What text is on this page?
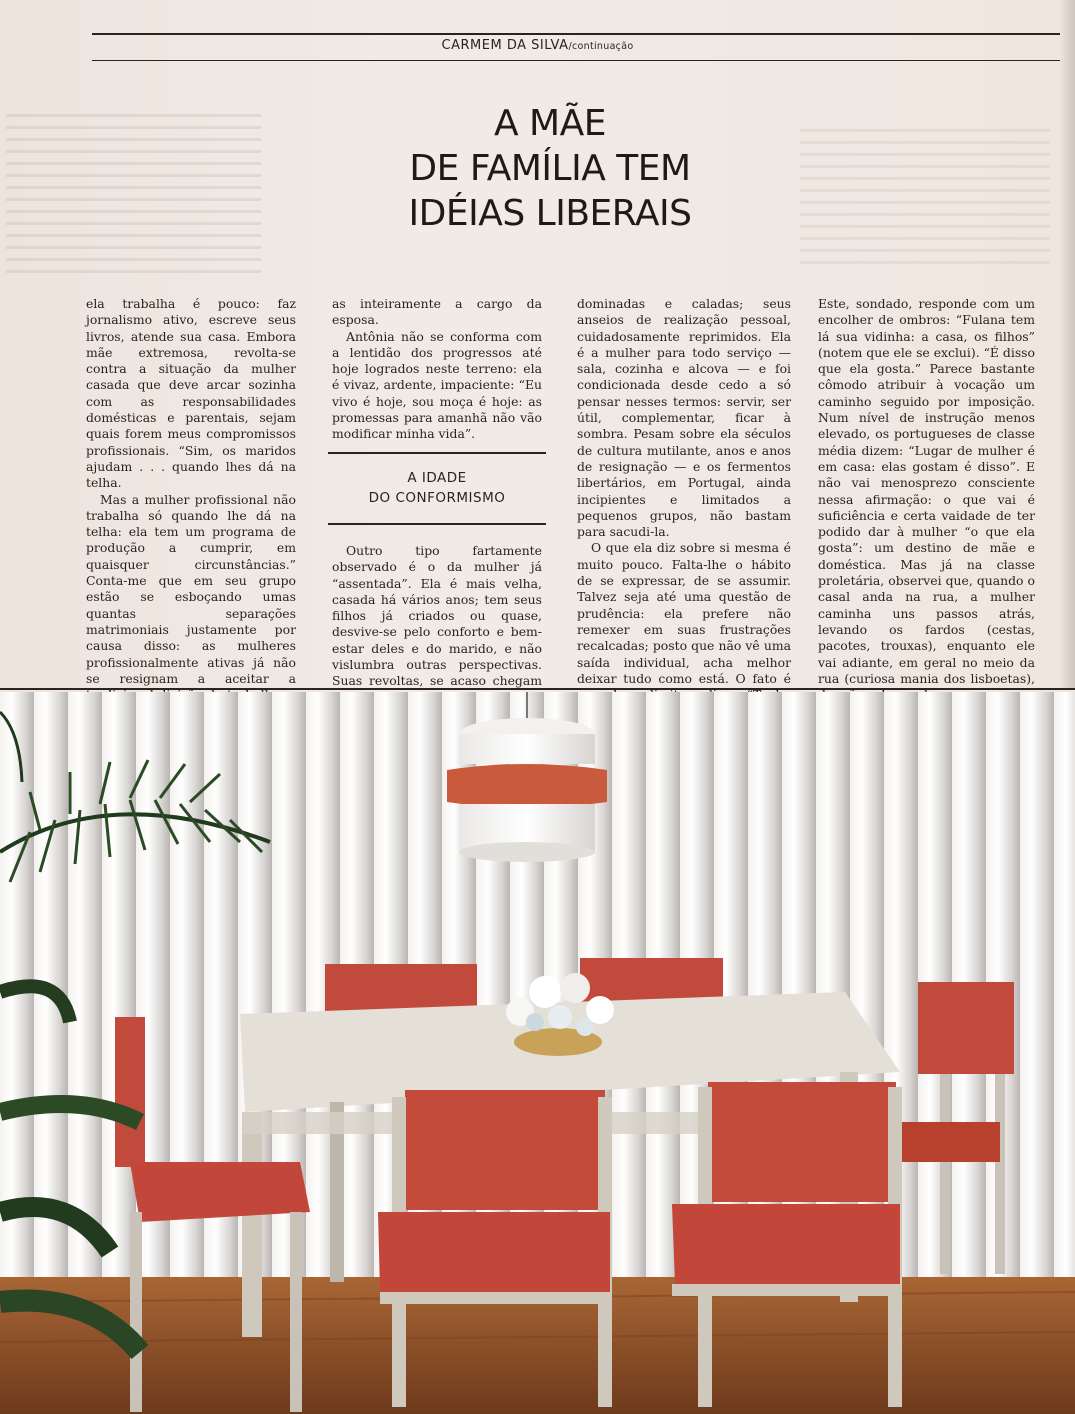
CARMEM DA SILVA/continuação
A MÃE
DE FAMÍLIA TEM
IDÉIAS LIBERAIS

ela trabalha é pouco: faz jornalismo ativo, escreve seus livros, atende sua casa. Embora mãe extremosa, revolta-se contra a situação da mulher casada que deve arcar sozinha com as responsabilidades domésticas e parentais, sejam quais forem meus compromissos profissionais. “Sim, os maridos ajudam . . . quando lhes dá na telha.

Mas a mulher profissional não trabalha só quando lhe dá na telha: ela tem um programa de produção a cumprir, em quaisquer circunstâncias.” Conta-me que em seu grupo estão se esboçando umas quantas separações matrimoniais justamente por causa disso: as mulheres profissionalmente ativas já não se resignam a aceitar a

as inteiramente a cargo da esposa.

Antônia não se conforma com a lentidão dos progressos até hoje logrados neste terreno: ela é vivaz, ardente, impaciente: “Eu vivo é hoje, sou moça é hoje: as promessas para amanhã não vão modificar minha vida”.

A IDADE
DO CONFORMISMO

Outro tipo fartamente observado é o da mulher já “assentada”. Ela é mais velha, casada há vários anos; tem seus filhos já criados ou quase, desvive-se pelo conforto e bem-estar deles e do marido, e não vislumbra outras perspectivas. Suas revoltas, se acaso chegam

dominadas e caladas; seus anseios de realização pessoal, cuidadosamente reprimidos. Ela é a mulher para todo serviço — sala, cozinha e alcova — e foi condicionada desde cedo a só pensar nesses termos: servir, ser útil, complementar, ficar à sombra. Pesam sobre ela séculos de cultura mutilante, anos e anos de resignação — e os fermentos libertários, em Portugal, ainda incipientes e limitados a pequenos grupos, não bastam para sacudi-la.

O que ela diz sobre si mesma é muito pouco. Falta-lhe o hábito de se expressar, de se assumir. Talvez seja até uma questão de prudência: ela prefere não remexer em suas frustrações recalcadas; posto que não vê uma saída individual, acha melhor deixar tudo como está. O fato é

Este, sondado, responde com um encolher de ombros: “Fulana tem lá sua vidinha: a casa, os filhos” (notem que ele se exclui). “É disso que ela gosta.” Parece bastante cômodo atribuir à vocação um caminho seguido por imposição. Num nível de instrução menos elevado, os portugueses de classe média dizem: “Lugar de mulher é em casa: elas gostam é disso”. E não vai menosprezo consciente nessa afirmação: o que vai é suficiência e certa vaidade de ter podido dar à mulher “o que ela gosta”: um destino de mãe e doméstica. Mas já na classe proletária, observei que, quando o casal anda na rua, a mulher caminha uns passos atrás, levando os fardos (cestas, pacotes, trouxas), enquanto ele vai adiante, em geral no meio da rua (curiosa mania dos lisboetas),
